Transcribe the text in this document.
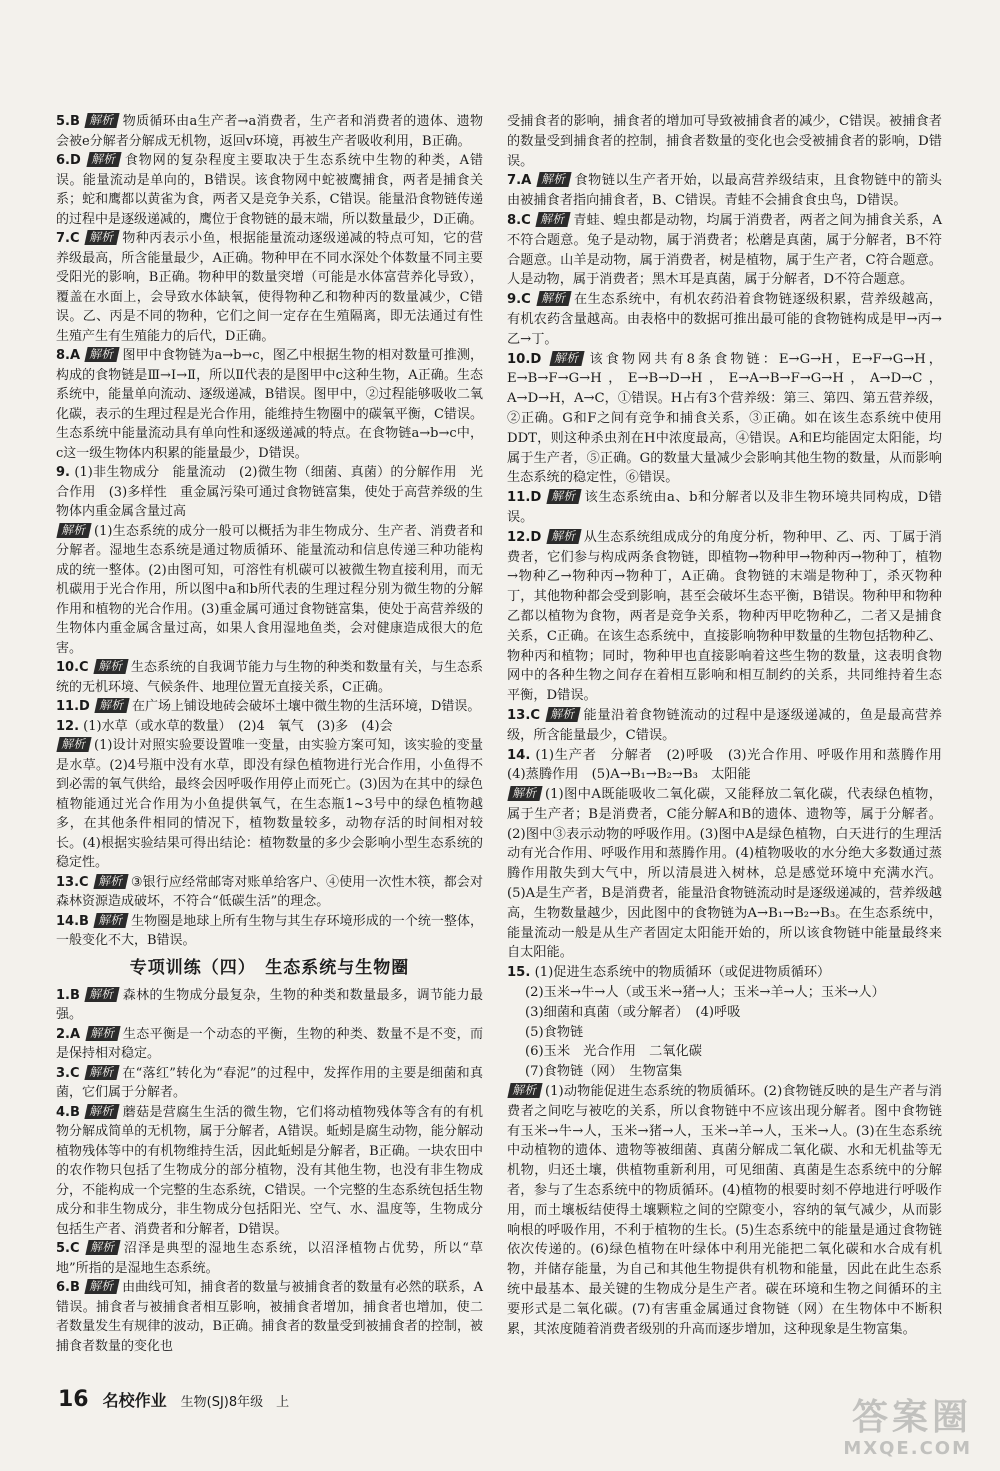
5.B 解析 物质循环由a生产者→a消费者，生产者和消费者的遗体、遗物会被e分解者分解成无机物，返回v环境，再被生产者吸收利用，B正确。

6.D 解析 食物网的复杂程度主要取决于生态系统中生物的种类，A错误。能量流动是单向的，B错误。该食物网中蛇被鹰捕食，两者是捕食关系；蛇和鹰都以黄雀为食，两者又是竞争关系，C错误。能量沿食物链传递的过程中是逐级递减的，鹰位于食物链的最末端，所以数量最少，D正确。

7.C 解析 物种丙表示小鱼，根据能量流动逐级递减的特点可知，它的营养级最高，所含能量最少，A正确。物种甲在不同水深处个体数量不同主要受阳光的影响，B正确。物种甲的数量突增（可能是水体富营养化导致），覆盖在水面上，会导致水体缺氧，使得物种乙和物种丙的数量减少，C错误。乙、丙是不同的物种，它们之间一定存在生殖隔离，即无法通过有性生殖产生有生殖能力的后代，D正确。

8.A 解析 图甲中食物链为a→b→c，图乙中根据生物的相对数量可推测，构成的食物链是Ⅲ→Ⅰ→Ⅱ，所以Ⅱ代表的是图甲中c这种生物，A正确。生态系统中，能量单向流动、逐级递减，B错误。图甲中，②过程能够吸收二氧化碳，表示的生理过程是光合作用，能维持生物圈中的碳氧平衡，C错误。生态系统中能量流动具有单向性和逐级递减的特点。在食物链a→b→c中，c这一级生物体内积累的能量最少，D错误。

9. (1)非生物成分　能量流动　(2)微生物（细菌、真菌）的分解作用　光合作用　(3)多样性　重金属污染可通过食物链富集，使处于高营养级的生物体内重金属含量过高

解析 (1)生态系统的成分一般可以概括为非生物成分、生产者、消费者和分解者。湿地生态系统是通过物质循环、能量流动和信息传递三种功能构成的统一整体。(2)由图可知，可溶性有机碳可以被微生物直接利用，而无机碳用于光合作用，所以图中a和b所代表的生理过程分别为微生物的分解作用和植物的光合作用。(3)重金属可通过食物链富集，使处于高营养级的生物体内重金属含量过高，如果人食用湿地鱼类，会对健康造成很大的危害。

10.C 解析 生态系统的自我调节能力与生物的种类和数量有关，与生态系统的无机环境、气候条件、地理位置无直接关系，C正确。

11.D 解析 在广场上铺设地砖会破坏土壤中微生物的生活环境，D错误。

12. (1)水草（或水草的数量）　(2)4　氧气　(3)多　(4)会

解析 (1)设计对照实验要设置唯一变量，由实验方案可知，该实验的变量是水草。(2)4号瓶中没有水草，即没有绿色植物进行光合作用，小鱼得不到必需的氧气供给，最终会因呼吸作用停止而死亡。(3)因为在其中的绿色植物能通过光合作用为小鱼提供氧气，在生态瓶1~3号中的绿色植物越多，在其他条件相同的情况下，植物数量较多，动物存活的时间相对较长。(4)根据实验结果可得出结论：植物数量的多少会影响小型生态系统的稳定性。

13.C 解析 ③银行应经常邮寄对账单给客户、④使用一次性木筷，都会对森林资源造成破坏，不符合“低碳生活”的理念。

14.B 解析 生物圈是地球上所有生物与其生存环境形成的一个统一整体，一般变化不大，B错误。

专项训练（四）　生态系统与生物圈

1.B 解析 森林的生物成分最复杂，生物的种类和数量最多，调节能力最强。

2.A 解析 生态平衡是一个动态的平衡，生物的种类、数量不是不变，而是保持相对稳定。

3.C 解析 在“落红”转化为“春泥”的过程中，发挥作用的主要是细菌和真菌，它们属于分解者。

4.B 解析 蘑菇是营腐生生活的微生物，它们将动植物残体等含有的有机物分解成简单的无机物，属于分解者，A错误。蚯蚓是腐生动物，能分解动植物残体等中的有机物维持生活，因此蚯蚓是分解者，B正确。一块农田中的农作物只包括了生物成分的部分植物，没有其他生物，也没有非生物成分，不能构成一个完整的生态系统，C错误。一个完整的生态系统包括生物成分和非生物成分，非生物成分包括阳光、空气、水、温度等，生物成分包括生产者、消费者和分解者，D错误。

5.C 解析 沼泽是典型的湿地生态系统，以沼泽植物占优势，所以“草地”所指的是湿地生态系统。

6.B 解析 由曲线可知，捕食者的数量与被捕食者的数量有必然的联系，A错误。捕食者与被捕食者相互影响，被捕食者增加，捕食者也增加，使二者数量发生有规律的波动，B正确。捕食者的数量受到被捕食者的控制，被捕食者数量的变化也

受捕食者的影响，捕食者的增加可导致被捕食者的减少，C错误。被捕食者的数量受到捕食者的控制，捕食者数量的变化也会受被捕食者的影响，D错误。

7.A 解析 食物链以生产者开始，以最高营养级结束，且食物链中的箭头由被捕食者指向捕食者，B、C错误。青蛙不会捕食食虫鸟，D错误。

8.C 解析 青蛙、蝗虫都是动物，均属于消费者，两者之间为捕食关系，A不符合题意。兔子是动物，属于消费者；松蘑是真菌，属于分解者，B不符合题意。山羊是动物，属于消费者，树是植物，属于生产者，C符合题意。人是动物，属于消费者；黑木耳是真菌，属于分解者，D不符合题意。

9.C 解析 在生态系统中，有机农药沿着食物链逐级积累，营养级越高，有机农药含量越高。由表格中的数据可推出最可能的食物链构成是甲→丙→乙→丁。

10.D 解析 该食物网共有8条食物链：E→G→H，E→F→G→H，E→B→F→G→H，E→B→D→H，E→A→B→F→G→H，A→D→C，A→D→H，A→C，①错误。H占有3个营养级：第三、第四、第五营养级，②正确。G和F之间有竞争和捕食关系，③正确。如在该生态系统中使用DDT，则这种杀虫剂在H中浓度最高，④错误。A和E均能固定太阳能，均属于生产者，⑤正确。G的数量大量减少会影响其他生物的数量，从而影响生态系统的稳定性，⑥错误。

11.D 解析 该生态系统由a、b和分解者以及非生物环境共同构成，D错误。

12.D 解析 从生态系统组成成分的角度分析，物种甲、乙、丙、丁属于消费者，它们参与构成两条食物链，即植物→物种甲→物种丙→物种丁，植物→物种乙→物种丙→物种丁，A正确。食物链的末端是物种丁，杀灭物种丁，其他物种都会受到影响，甚至会破坏生态平衡，B错误。物种甲和物种乙都以植物为食物，两者是竞争关系，物种丙甲吃物种乙，二者又是捕食关系，C正确。在该生态系统中，直接影响物种甲数量的生物包括物种乙、物种丙和植物；同时，物种甲也直接影响着这些生物的数量，这表明食物网中的各种生物之间存在着相互影响和相互制约的关系，共同维持着生态平衡，D错误。

13.C 解析 能量沿着食物链流动的过程中是逐级递减的，鱼是最高营养级，所含能量最少，C错误。

14. (1)生产者　分解者　(2)呼吸　(3)光合作用、呼吸作用和蒸腾作用　(4)蒸腾作用　(5)A→B₁→B₂→B₃　太阳能

解析 (1)图中A既能吸收二氧化碳，又能释放二氧化碳，代表绿色植物，属于生产者；B是消费者，C能分解A和B的遗体、遗物等，属于分解者。(2)图中③表示动物的呼吸作用。(3)图中A是绿色植物，白天进行的生理活动有光合作用、呼吸作用和蒸腾作用。(4)植物吸收的水分绝大多数通过蒸腾作用散失到大气中，所以清晨进入树林，总是感觉环境中充满水汽。(5)A是生产者，B是消费者，能量沿食物链流动时是逐级递减的，营养级越高，生物数量越少，因此图中的食物链为A→B₁→B₂→B₃。在生态系统中，能量流动一般是从生产者固定太阳能开始的，所以该食物链中能量最终来自太阳能。

15. (1)促进生态系统中的物质循环（或促进物质循环）

(2)玉米→牛→人（或玉米→猪→人；玉米→羊→人；玉米→人）

(3)细菌和真菌（或分解者）　(4)呼吸

(5)食物链

(6)玉米　光合作用　二氧化碳

(7)食物链（网）　生物富集

解析 (1)动物能促进生态系统的物质循环。(2)食物链反映的是生产者与消费者之间吃与被吃的关系，所以食物链中不应该出现分解者。图中食物链有玉米→牛→人，玉米→猪→人，玉米→羊→人，玉米→人。(3)在生态系统中动植物的遗体、遗物等被细菌、真菌分解成二氧化碳、水和无机盐等无机物，归还土壤，供植物重新利用，可见细菌、真菌是生态系统中的分解者，参与了生态系统中的物质循环。(4)植物的根要时刻不停地进行呼吸作用，而土壤板结使得土壤颗粒之间的空隙变小，容纳的氧气减少，从而影响根的呼吸作用，不利于植物的生长。(5)生态系统中的能量是通过食物链依次传递的。(6)绿色植物在叶绿体中利用光能把二氧化碳和水合成有机物，并储存能量，为自己和其他生物提供有机物和能量，因此在此生态系统中最基本、最关键的生物成分是生产者。碳在环境和生物之间循环的主要形式是二氧化碳。(7)有害重金属通过食物链（网）在生物体中不断积累，其浓度随着消费者级别的升高而逐步增加，这种现象是生物富集。

16 名校作业 生物(SJ)8年级　上	答案圈
MXQE.COM
